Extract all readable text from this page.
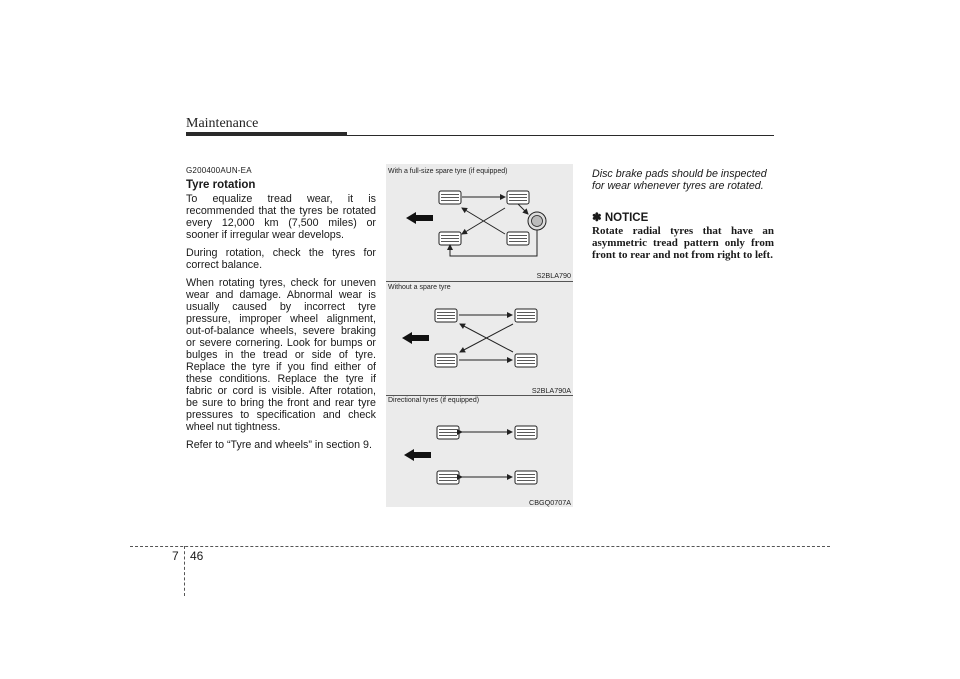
Maintenance
G200400AUN-EA
Tyre rotation

To equalize tread wear, it is recommended that the tyres be rotated every 12,000 km (7,500 miles) or sooner if irregular wear develops.

During rotation, check the tyres for correct balance.

When rotating tyres, check for uneven wear and damage. Abnormal wear is usually caused by incorrect tyre pressure, improper wheel alignment, out-of-balance wheels, severe braking or severe cornering. Look for bumps or bulges in the tread or side of tyre. Replace the tyre if you find either of these conditions. Replace the tyre if fabric or cord is visible. After rotation, be sure to bring the front and rear tyre pressures to specification and check wheel nut tightness.

Refer to “Tyre and wheels” in section 9.

With a full-size spare tyre (if equipped)
S2BLA790
Without a spare tyre
S2BLA790A
Directional tyres (if equipped)
CBGQ0707A

Disc brake pads should be inspected for wear whenever tyres are rotated.

✽ NOTICE

Rotate radial tyres that have an asymmetric tread pattern only from front to rear and not from right to left.

7 46
